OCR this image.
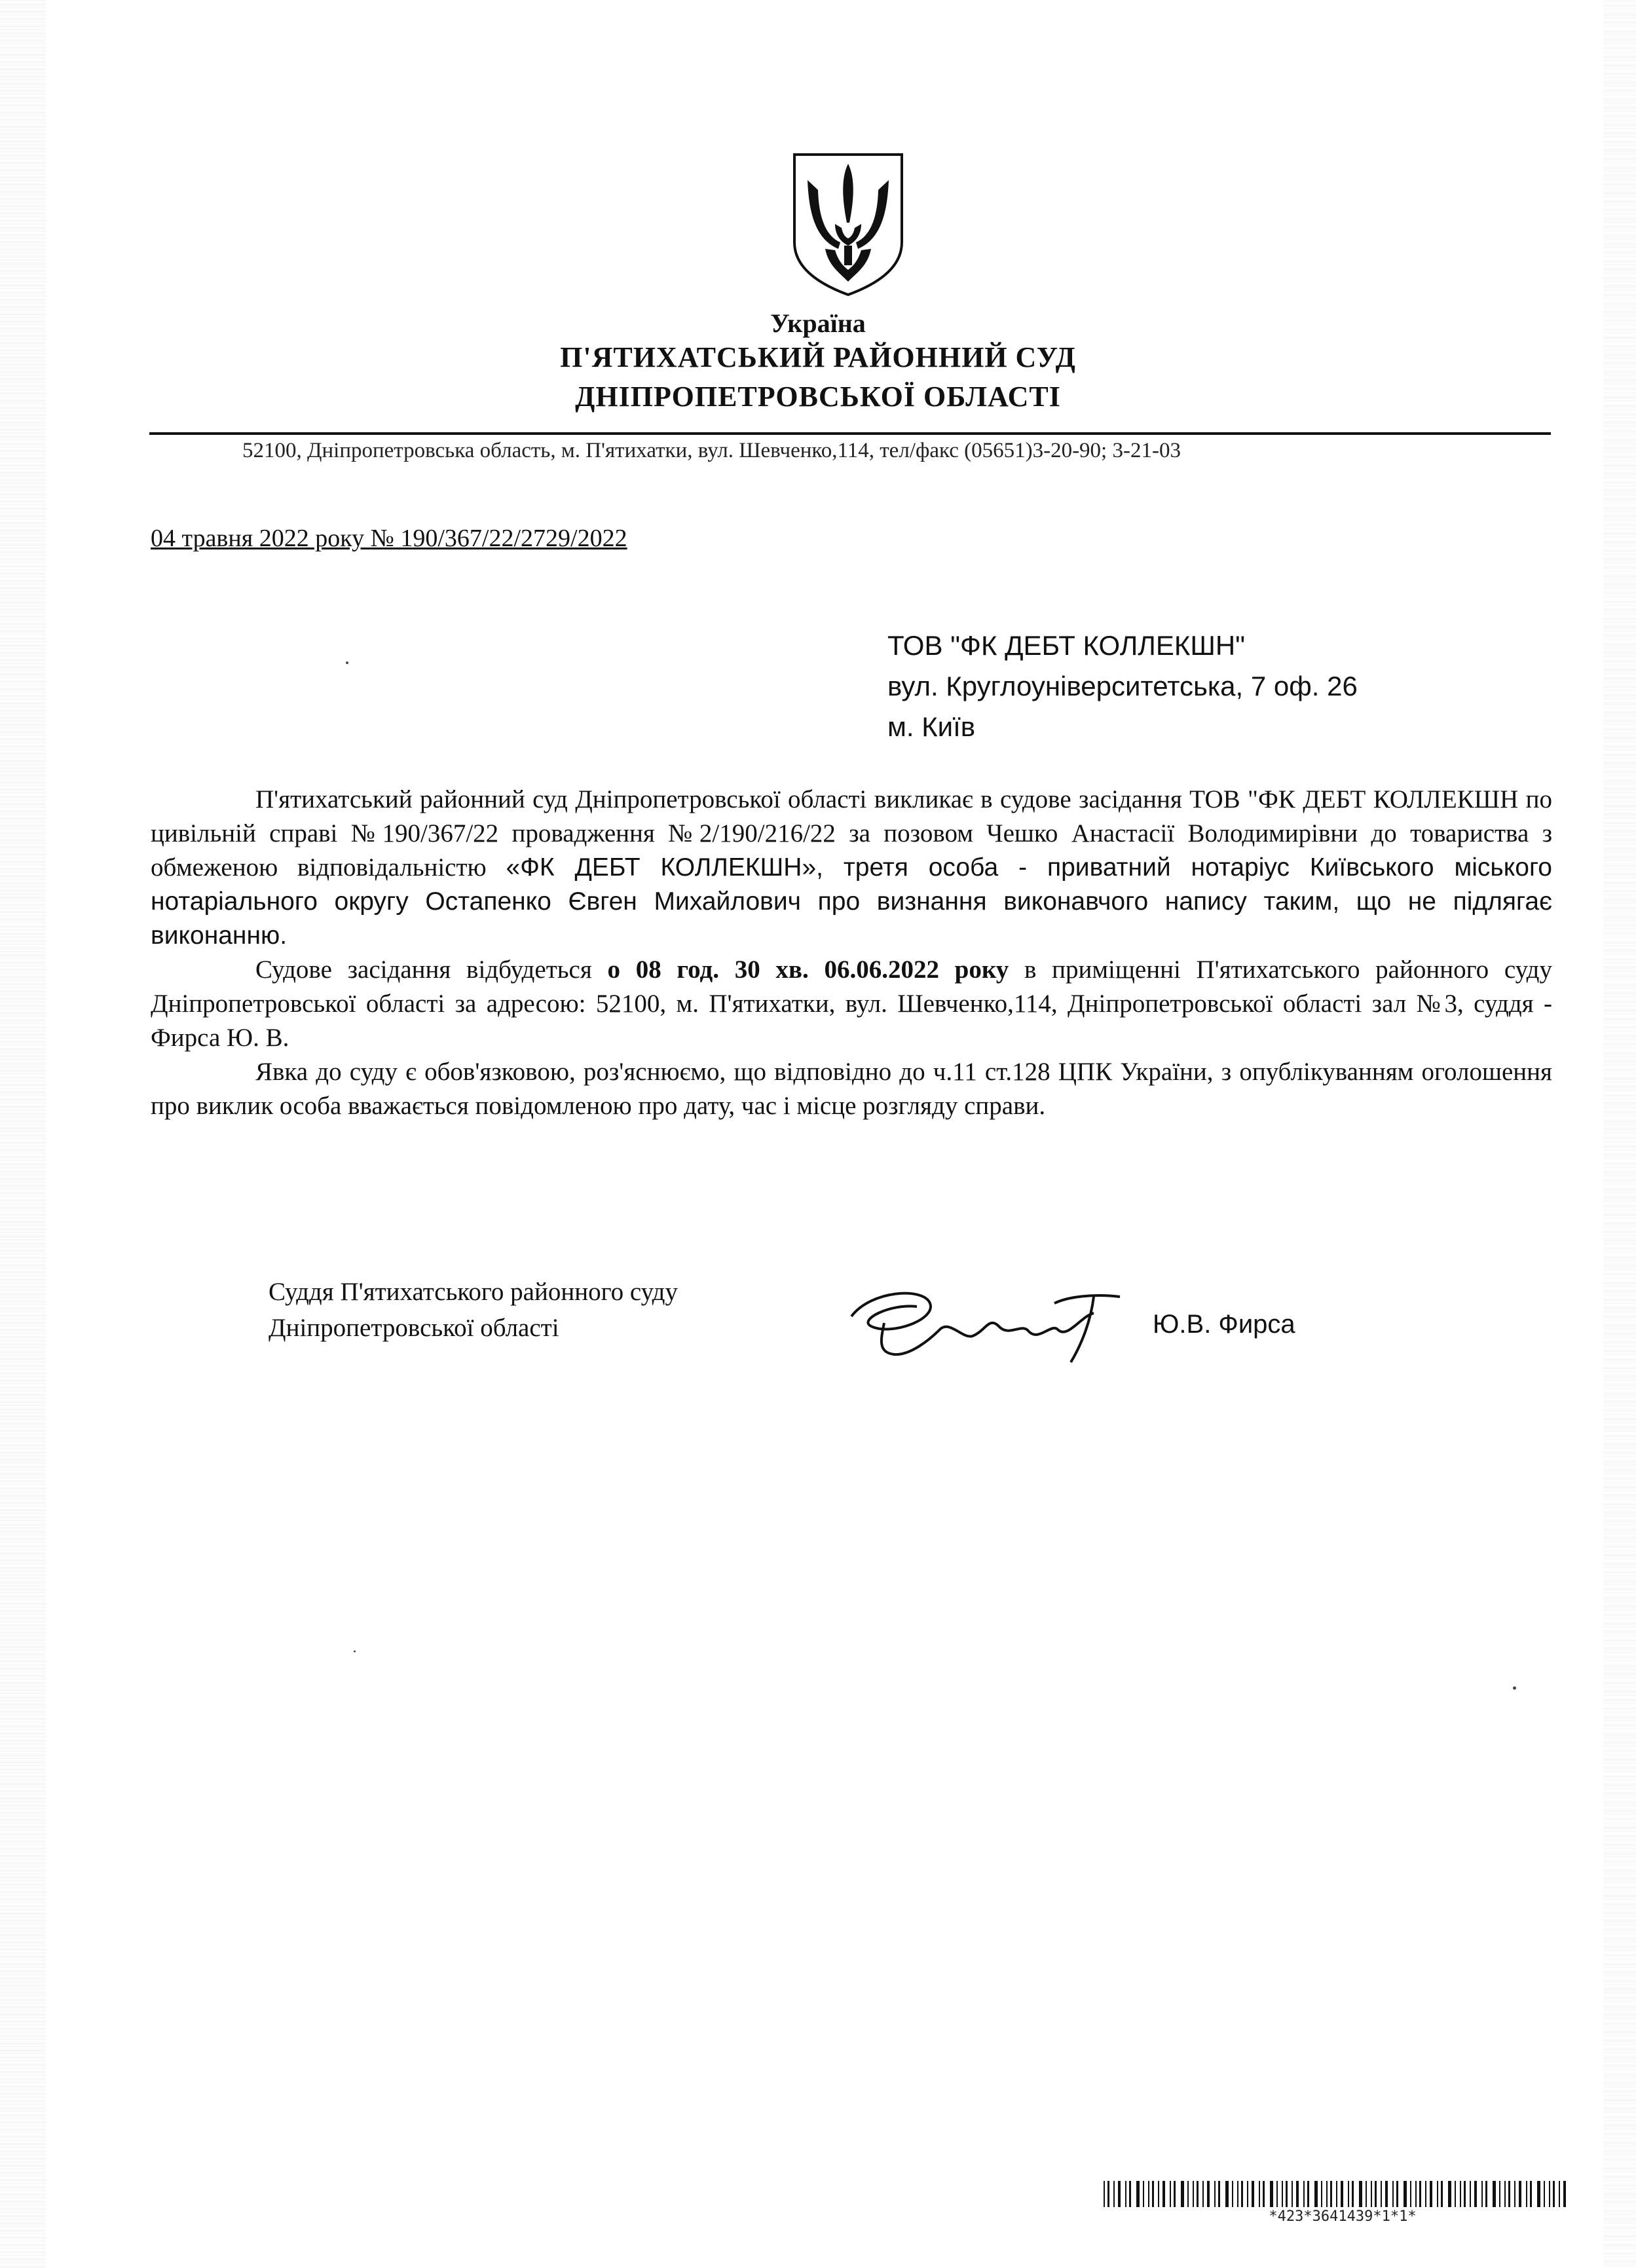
Україна
П'ЯТИХАТСЬКИЙ РАЙОННИЙ СУД
ДНІПРОПЕТРОВСЬКОЇ ОБЛАСТІ
52100, Дніпропетровська область, м. П'ятихатки, вул. Шевченко,114, тел/факс (05651)3-20-90; 3-21-03
04 травня 2022 року № 190/367/22/2729/2022
ТОВ "ФК ДЕБТ КОЛЛЕКШН"
вул. Круглоуніверситетська, 7 оф. 26
м. Київ

П'ятихатський районний суд Дніпропетровської області викликає в судове засідання ТОВ "ФК ДЕБТ КОЛЛЕКШН по цивільній справі №190/367/22 провадження №2/190/216/22 за позовом Чешко Анастасії Володимирівни до товариства з обмеженою відповідальністю «ФК ДЕБТ КОЛЛЕКШН», третя особа - приватний нотаріус Київського міського нотаріального округу Остапенко Євген Михайлович про визнання виконавчого напису таким, що не підлягає виконанню.

Судове засідання відбудеться о 08 год. 30 хв. 06.06.2022 року в приміщенні П'ятихатського районного суду Дніпропетровської області за адресою: 52100, м. П'ятихатки, вул. Шевченко,114, Дніпропетровської області зал №3, суддя - Фирса Ю. В.

Явка до суду є обов'язковою, роз'яснюємо, що відповідно до ч.11 ст.128 ЦПК України, з опублікуванням оголошення про виклик особа вважається повідомленою про дату, час і місце розгляду справи.

Суддя П'ятихатського районного суду
Дніпропетровської області	Ю.В. Фирса
*423*3641439*1*1*
